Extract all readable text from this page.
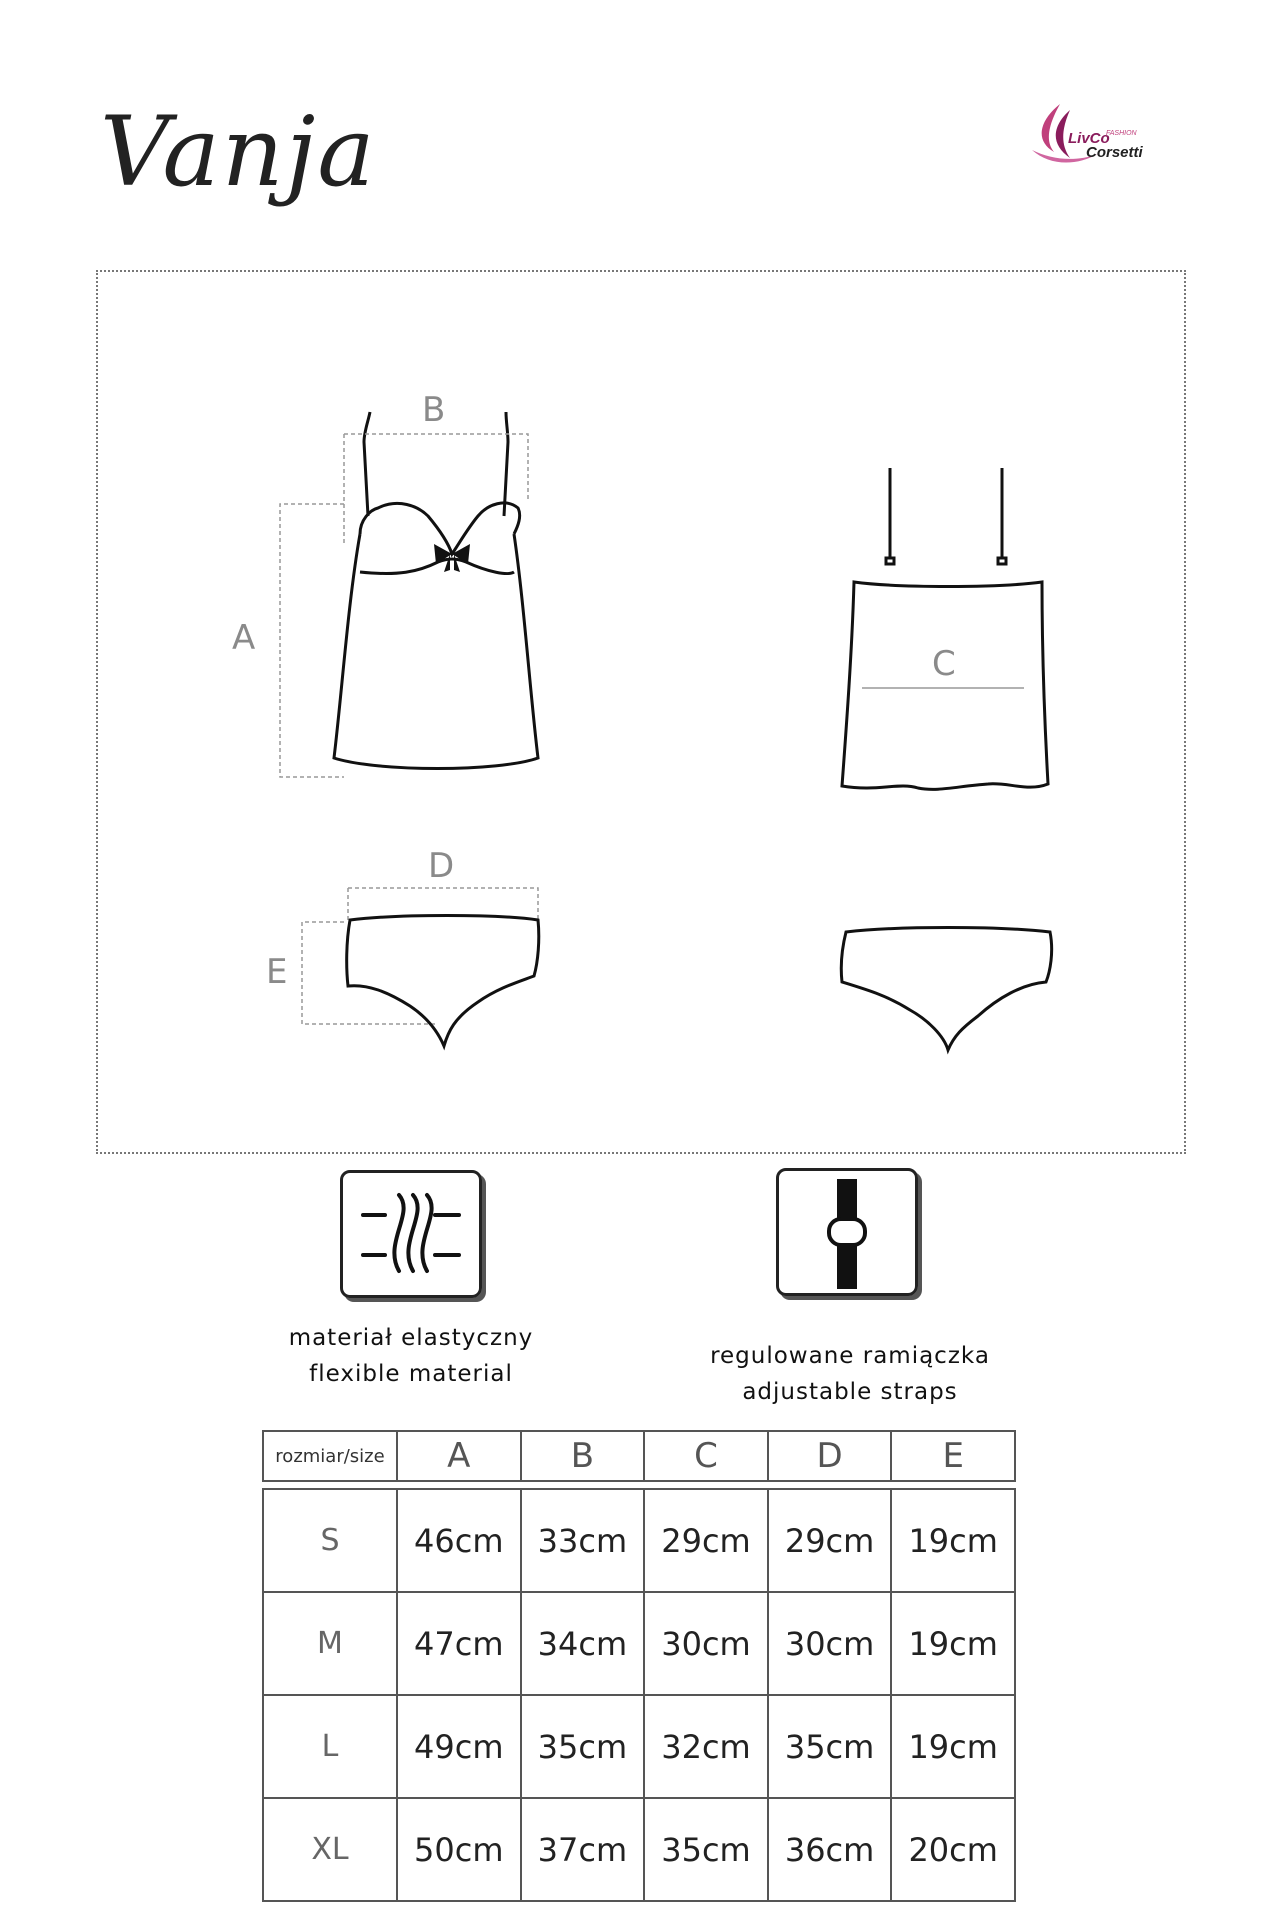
Vanja	LivCo
FASHION
Corsetti
B
A
C
D
E
materiał elastyczny
flexible material
regulowane ramiączka
adjustable straps
rozmiar/size	A	B	C	D	E

S	46cm	33cm	29cm	29cm	19cm
M	47cm	34cm	30cm	30cm	19cm
L	49cm	35cm	32cm	35cm	19cm
XL	50cm	37cm	35cm	36cm	20cm
